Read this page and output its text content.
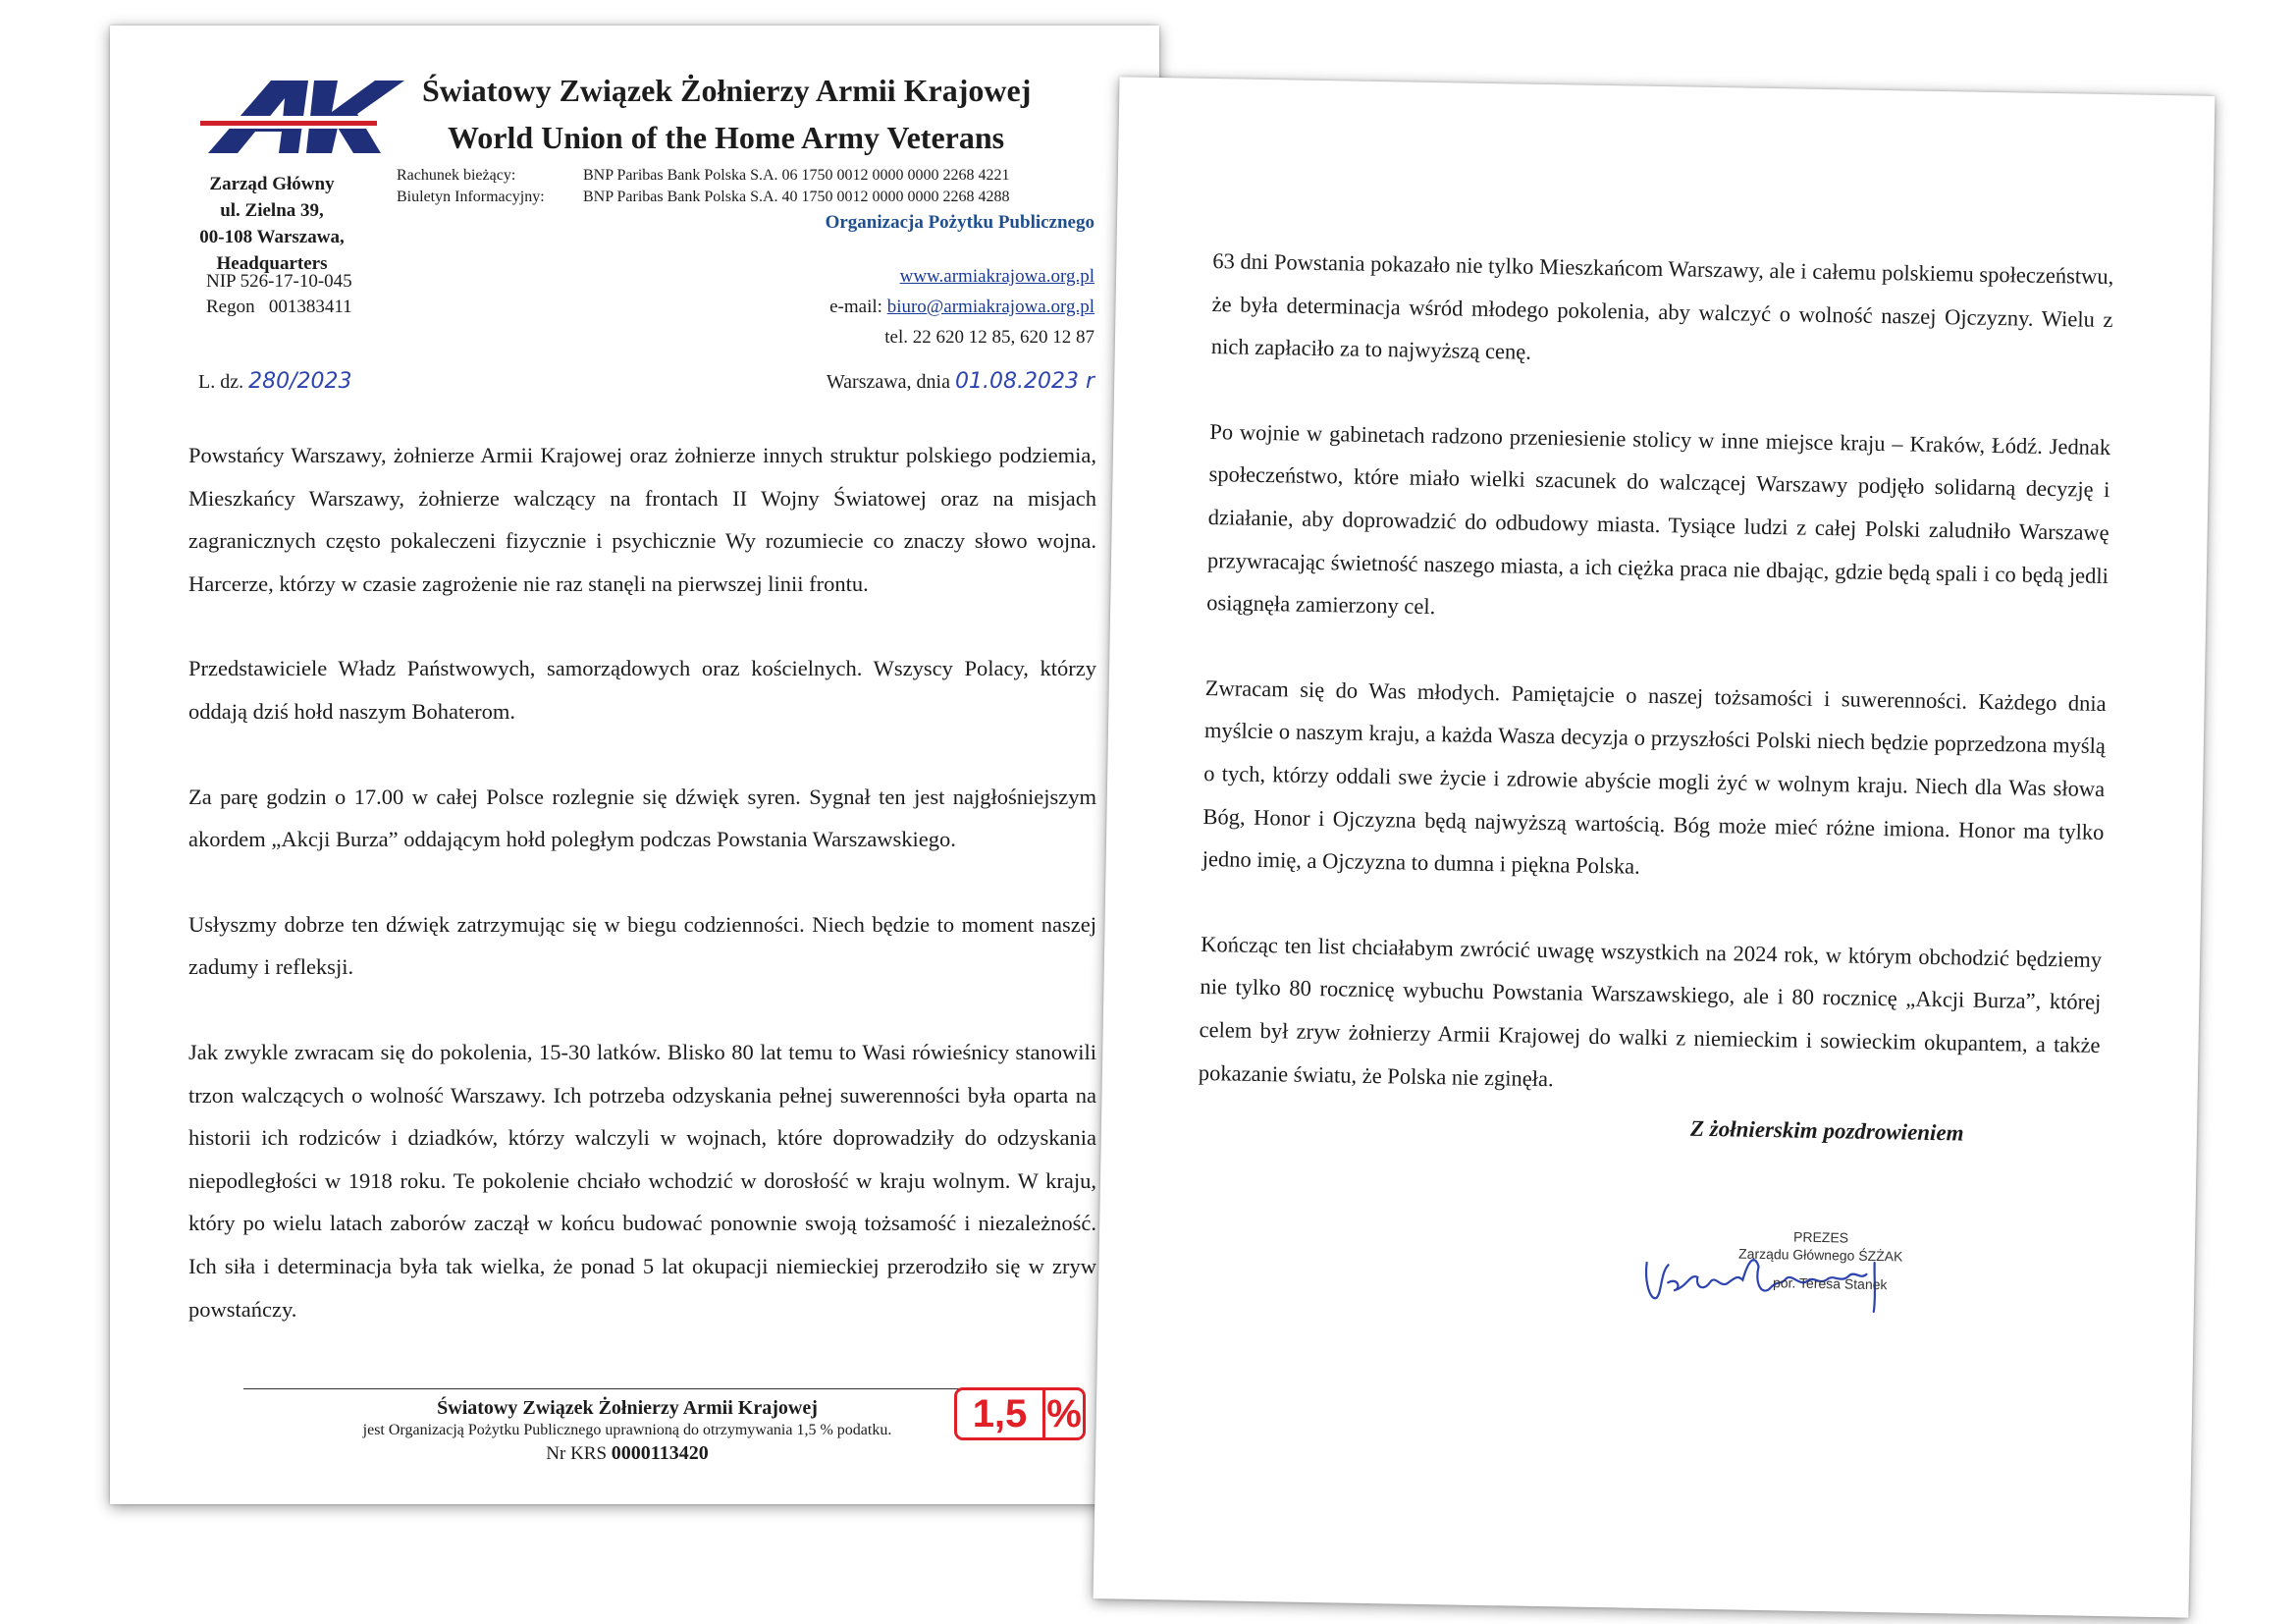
Światowy Związek Żołnierzy Armii Krajowej
World Union of the Home Army Veterans
Zarząd Główny
ul. Zielna 39,
00-108 Warszawa,
Headquarters
NIP 526-17-10-045
Regon   001383411
Rachunek bieżący:	BNP Paribas Bank Polska S.A. 06 1750 0012 0000 0000 2268 4221
Biuletyn Informacyjny: BNP Paribas Bank Polska S.A. 40 1750 0012 0000 0000 2268 4288
Organizacja Pożytku Publicznego
www.armiakrajowa.org.pl
e-mail: biuro@armiakrajowa.org.pl
tel. 22 620 12 85, 620 12 87
L. dz. 280/2023	Warszawa, dnia 01.08.2023 r

Powstańcy Warszawy, żołnierze Armii Krajowej oraz żołnierze innych struktur polskiego podziemia, Mieszkańcy Warszawy, żołnierze walczący na frontach II Wojny Światowej oraz na misjach zagranicznych często pokaleczeni fizycznie i psychicznie Wy rozumiecie co znaczy słowo wojna. Harcerze, którzy w czasie zagrożenie nie raz stanęli na pierwszej linii frontu.

Przedstawiciele Władz Państwowych, samorządowych oraz kościelnych. Wszyscy Polacy, którzy oddają dziś hołd naszym Bohaterom.

Za parę godzin o 17.00 w całej Polsce rozlegnie się dźwięk syren. Sygnał ten jest najgłośniejszym akordem „Akcji Burza” oddającym hołd poległym podczas Powstania Warszawskiego.

Usłyszmy dobrze ten dźwięk zatrzymując się w biegu codzienności. Niech będzie to moment naszej zadumy i refleksji.

Jak zwykle zwracam się do pokolenia, 15-30 latków. Blisko 80 lat temu to Wasi rówieśnicy stanowili trzon walczących o wolność Warszawy. Ich potrzeba odzyskania pełnej suwerenności była oparta na historii ich rodziców i dziadków, którzy walczyli w wojnach, które doprowadziły do odzyskania niepodległości w 1918 roku. Te pokolenie chciało wchodzić w dorosłość w kraju wolnym. W kraju, który po wielu latach zaborów zaczął w końcu budować ponownie swoją tożsamość i niezależność. Ich siła i determinacja była tak wielka, że ponad 5 lat okupacji niemieckiej przerodziło się w zryw powstańczy.

Światowy Związek Żołnierzy Armii Krajowej
jest Organizacją Pożytku Publicznego uprawnioną do otrzymywania 1,5 % podatku.
Nr KRS 0000113420
1,5 %

63 dni Powstania pokazało nie tylko Mieszkańcom Warszawy, ale i całemu polskiemu społeczeństwu, że była determinacja wśród młodego pokolenia, aby walczyć o wolność naszej Ojczyzny. Wielu z nich zapłaciło za to najwyższą cenę.

Po wojnie w gabinetach radzono przeniesienie stolicy w inne miejsce kraju – Kraków, Łódź. Jednak społeczeństwo, które miało wielki szacunek do walczącej Warszawy podjęło solidarną decyzję i działanie, aby doprowadzić do odbudowy miasta. Tysiące ludzi z całej Polski zaludniło Warszawę przywracając świetność naszego miasta, a ich ciężka praca nie dbając, gdzie będą spali i co będą jedli osiągnęła zamierzony cel.

Zwracam się do Was młodych. Pamiętajcie o naszej tożsamości i suwerenności. Każdego dnia myślcie o naszym kraju, a każda Wasza decyzja o przyszłości Polski niech będzie poprzedzona myślą o tych, którzy oddali swe życie i zdrowie abyście mogli żyć w wolnym kraju. Niech dla Was słowa Bóg, Honor i Ojczyzna będą najwyższą wartością. Bóg może mieć różne imiona. Honor ma tylko jedno imię, a Ojczyzna to dumna i piękna Polska.

Kończąc ten list chciałabym zwrócić uwagę wszystkich na 2024 rok, w którym obchodzić będziemy nie tylko 80 rocznicę wybuchu Powstania Warszawskiego, ale i 80 rocznicę „Akcji Burza”, której celem był zryw żołnierzy Armii Krajowej do walki z niemieckim i sowieckim okupantem, a także pokazanie światu, że Polska nie zginęła.

Z żołnierskim pozdrowieniem
PREZES
Zarządu Głównego ŚZŻAK
por. Teresa Stanek
